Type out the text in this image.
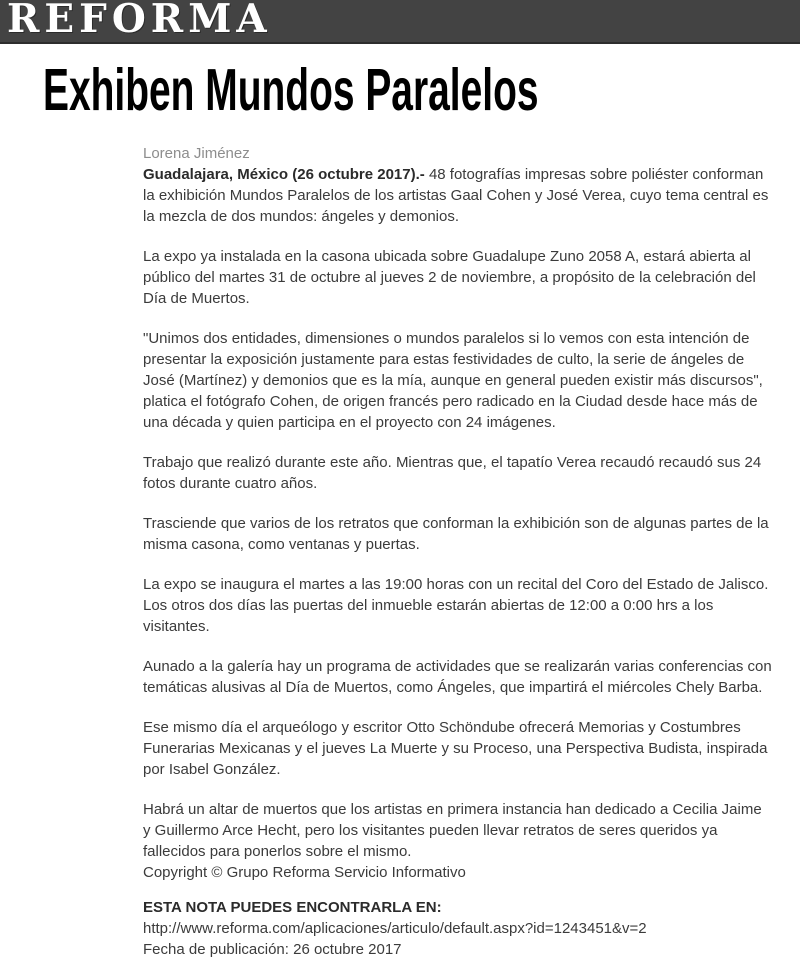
REFORMA
Exhiben Mundos Paralelos
Lorena Jiménez

Guadalajara, México (26 octubre 2017).- 48 fotografías impresas sobre poliéster conforman la exhibición Mundos Paralelos de los artistas Gaal Cohen y José Verea, cuyo tema central es la mezcla de dos mundos: ángeles y demonios.

La expo ya instalada en la casona ubicada sobre Guadalupe Zuno 2058 A, estará abierta al público del martes 31 de octubre al jueves 2 de noviembre, a propósito de la celebración del Día de Muertos.

"Unimos dos entidades, dimensiones o mundos paralelos si lo vemos con esta intención de presentar la exposición justamente para estas festividades de culto, la serie de ángeles de José (Martínez) y demonios que es la mía, aunque en general pueden existir más discursos", platica el fotógrafo Cohen, de origen francés pero radicado en la Ciudad desde hace más de una década y quien participa en el proyecto con 24 imágenes.

Trabajo que realizó durante este año. Mientras que, el tapatío Verea recaudó recaudó sus 24 fotos durante cuatro años.

Trasciende que varios de los retratos que conforman la exhibición son de algunas partes de la misma casona, como ventanas y puertas.

La expo se inaugura el martes a las 19:00 horas con un recital del Coro del Estado de Jalisco. Los otros dos días las puertas del inmueble estarán abiertas de 12:00 a 0:00 hrs a los visitantes.

Aunado a la galería hay un programa de actividades que se realizarán varias conferencias con temáticas alusivas al Día de Muertos, como Ángeles, que impartirá el miércoles Chely Barba.

Ese mismo día el arqueólogo y escritor Otto Schöndube ofrecerá Memorias y Costumbres Funerarias Mexicanas y el jueves La Muerte y su Proceso, una Perspectiva Budista, inspirada por Isabel González.

Habrá un altar de muertos que los artistas en primera instancia han dedicado a Cecilia Jaime y Guillermo Arce Hecht, pero los visitantes pueden llevar retratos de seres queridos ya fallecidos para ponerlos sobre el mismo.

Copyright © Grupo Reforma Servicio Informativo
ESTA NOTA PUEDES ENCONTRARLA EN:
http://www.reforma.com/aplicaciones/articulo/default.aspx?id=1243451&v=2
Fecha de publicación: 26 octubre 2017
